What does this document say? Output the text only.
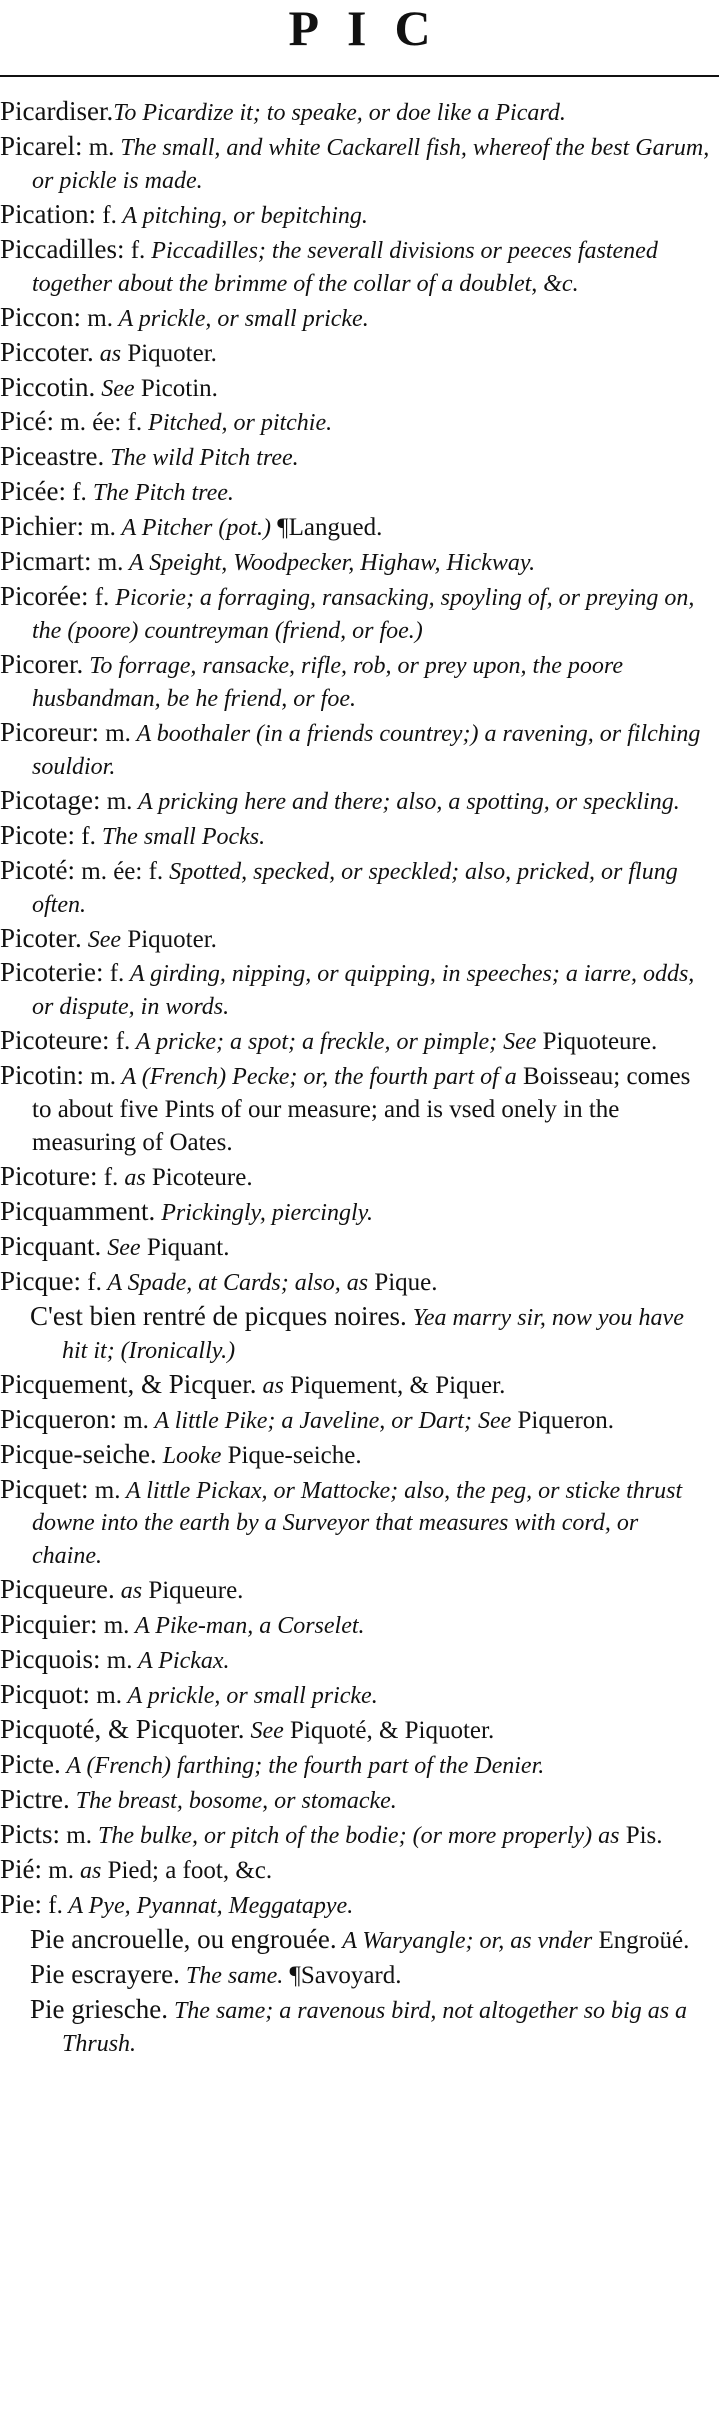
PIC
Picardiser.To Picardize it; to speake, or doe like a Picard.
Picarel: m. The small, and white Cackarell fish, whereof the best Garum, or pickle is made.
Pication: f. A pitching, or bepitching.
Piccadilles: f. Piccadilles; the severall divisions or peeces fastened together about the brimme of the collar of a doublet, &c.
Piccon: m. A prickle, or small pricke.
Piccoter. as Piquoter.
Piccotin. See Picotin.
Picé: m. ée: f. Pitched, or pitchie.
Piceastre. The wild Pitch tree.
Picée: f. The Pitch tree.
Pichier: m. A Pitcher (pot.) ¶Langued.
Picmart: m. A Speight, Woodpecker, Highaw, Hickway.
Picorée: f. Picorie; a forraging, ransacking, spoyling of, or preying on, the (poore) countreyman (friend, or foe.)
Picorer. To forrage, ransacke, rifle, rob, or prey upon, the poore husbandman, be he friend, or foe.
Picoreur: m. A boothaler (in a friends countrey;) a ravening, or filching souldior.
Picotage: m. A pricking here and there; also, a spotting, or speckling.
Picote: f. The small Pocks.
Picoté: m. ée: f. Spotted, specked, or speckled; also, pricked, or flung often.
Picoter. See Piquoter.
Picoterie: f. A girding, nipping, or quipping, in speeches; a iarre, odds, or dispute, in words.
Picoteure: f. A pricke; a spot; a freckle, or pimple; See Piquoteure.
Picotin: m. A (French) Pecke; or, the fourth part of a Boisseau; comes to about five Pints of our measure; and is vsed onely in the measuring of Oates.
Picoture: f. as Picoteure.
Picquamment. Prickingly, piercingly.
Picquant. See Piquant.
Picque: f. A Spade, at Cards; also, as Pique.
C'est bien rentré de picques noires. Yea marry sir, now you have hit it; (Ironically.)
Picquement, & Picquer. as Piquement, & Piquer.
Picqueron: m. A little Pike; a Javeline, or Dart; See Piqueron.
Picque-seiche. Looke Pique-seiche.
Picquet: m. A little Pickax, or Mattocke; also, the peg, or sticke thrust downe into the earth by a Surveyor that measures with cord, or chaine.
Picqueure. as Piqueure.
Picquier: m. A Pike-man, a Corselet.
Picquois: m. A Pickax.
Picquot: m. A prickle, or small pricke.
Picquoté, & Picquoter. See Piquoté, & Piquoter.
Picte. A (French) farthing; the fourth part of the Denier.
Pictre. The breast, bosome, or stomacke.
Picts: m. The bulke, or pitch of the bodie; (or more properly) as Pis.
Pié: m. as Pied; a foot, &c.
Pie: f. A Pye, Pyannat, Meggatapye.
Pie ancrouelle, ou engrouée. A Waryangle; or, as vnder Engroüé.
Pie escrayere. The same. ¶Savoyard.
Pie griesche. The same; a ravenous bird, not altogether so big as a Thrush.
